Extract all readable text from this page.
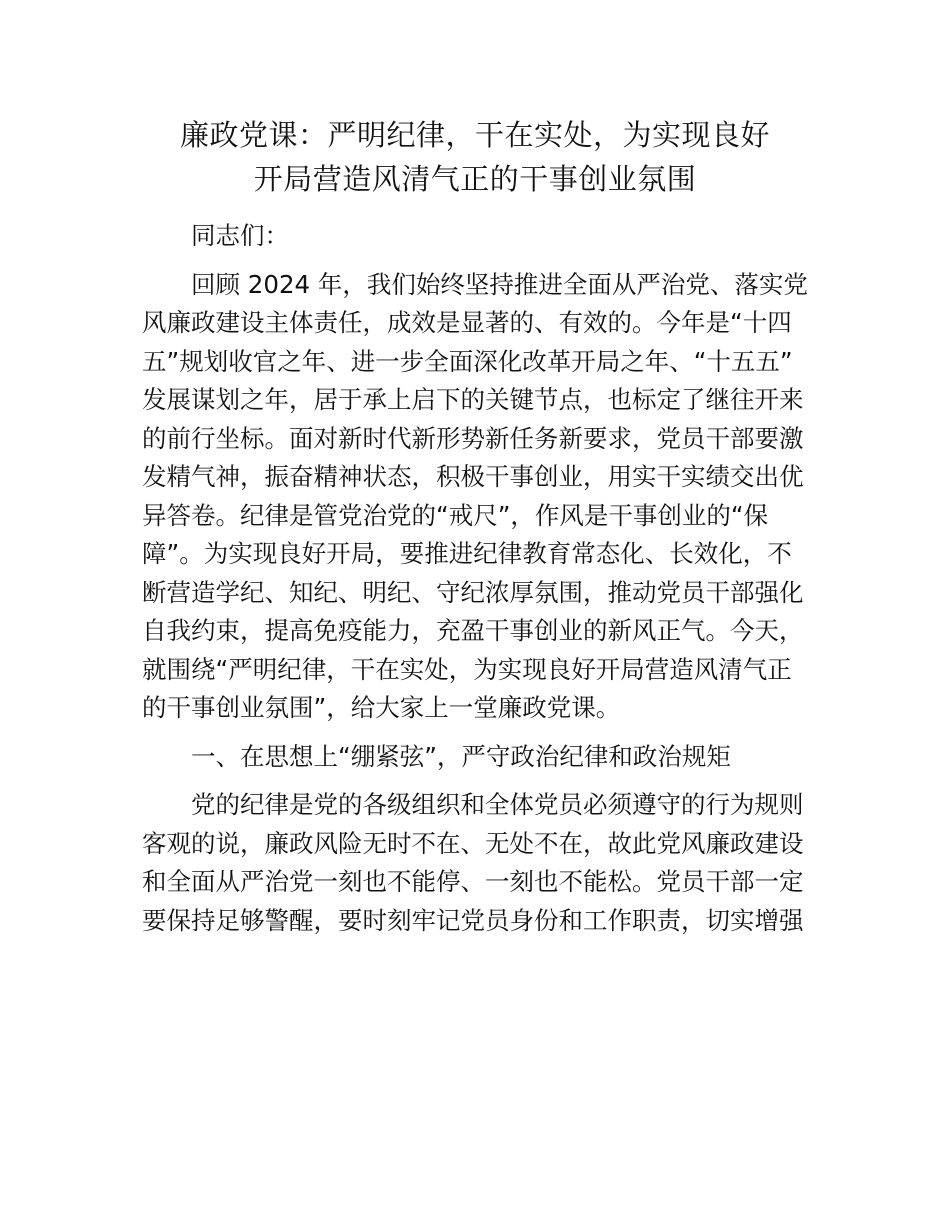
廉政党课：严明纪律，干在实处，为实现良好
开局营造风清气正的干事创业氛围

同志们：

回顾 2024 年，我们始终坚持推进全面从严治党、落实党
风廉政建设主体责任，成效是显著的、有效的。今年是“十四
五”规划收官之年、进一步全面深化改革开局之年、“十五五”
发展谋划之年，居于承上启下的关键节点，也标定了继往开来
的前行坐标。面对新时代新形势新任务新要求，党员干部要激
发精气神，振奋精神状态，积极干事创业，用实干实绩交出优
异答卷。纪律是管党治党的“戒尺”，作风是干事创业的“保
障”。为实现良好开局，要推进纪律教育常态化、长效化，不
断营造学纪、知纪、明纪、守纪浓厚氛围，推动党员干部强化
自我约束，提高免疫能力，充盈干事创业的新风正气。今天，
就围绕“严明纪律，干在实处，为实现良好开局营造风清气正
的干事创业氛围”，给大家上一堂廉政党课。

一、在思想上“绷紧弦”，严守政治纪律和政治规矩

党的纪律是党的各级组织和全体党员必须遵守的行为规则
客观的说，廉政风险无时不在、无处不在，故此党风廉政建设
和全面从严治党一刻也不能停、一刻也不能松。党员干部一定
要保持足够警醒，要时刻牢记党员身份和工作职责，切实增强
